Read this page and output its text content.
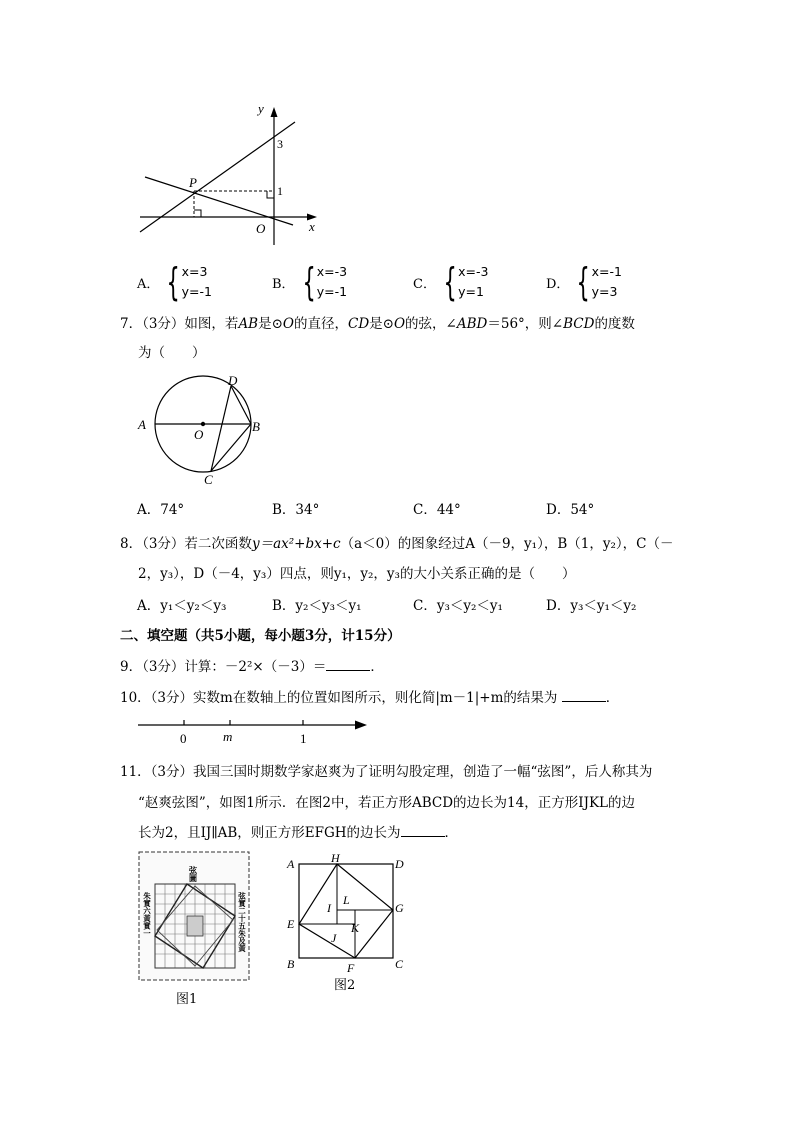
y
x
O
P
3
1
A． { x=3
y=-1	B． { x=-3
y=-1	C． { x=-3
y=1	D． { x=-1
y=3
7．（3分）如图，若AB是⊙O的直径，CD是⊙O的弦，∠ABD＝56°，则∠BCD的度数
为（　　）
A	B
C
D
O
A．74°	B．34°	C．44°	D．54°
8．（3分）若二次函数y＝ax²+bx+c（a＜0）的图象经过A（－9，y₁），B（1，y₂），C（－
2，y₃），D（－4，y₃）四点，则y₁，y₂，y₃的大小关系正确的是（　　）
A．y₁＜y₂＜y₃	B．y₂＜y₃＜y₁	C．y₃＜y₂＜y₁	D．y₃＜y₁＜y₂
二、填空题（共5小题，每小题3分，计15分）
9．（3分）计算：－2²×（－3）＝	．
10．（3分）实数m在数轴上的位置如图所示，则化简|m－1|+m的结果为	．
0	m	1
11．（3分）我国三国时期数学家赵爽为了证明勾股定理，创造了一幅“弦图”，后人称其为
“赵爽弦图”，如图1所示．在图2中，若正方形ABCD的边长为14，正方形IJKL的边
长为2，且IJ∥AB，则正方形EFGH的边长为	．
弦圖
朱實六黃實一	弦實二十五朱及黃
图1
A	D
B	C
H
G
F
E
L
I
K
J
图2
